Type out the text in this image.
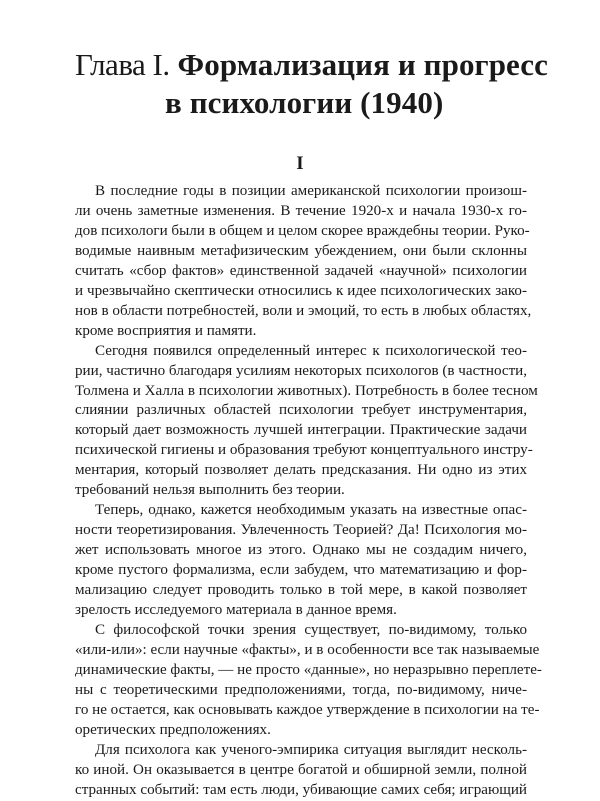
Глава I. Формализация и прогресс
в психологии (1940)
I

В последние годы в позиции американской психологии произош-
ли очень заметные изменения. В течение 1920-х и начала 1930-х го-
дов психологи были в общем и целом скорее враждебны теории. Руко-
водимые наивным метафизическим убеждением, они были склонны
считать «сбор фактов» единственной задачей «научной» психологии
и чрезвычайно скептически относились к идее психологических зако-
нов в области потребностей, воли и эмоций, то есть в любых областях,
кроме восприятия и памяти.

Сегодня появился определенный интерес к психологической тео-
рии, частично благодаря усилиям некоторых психологов (в частности,
Толмена и Халла в психологии животных). Потребность в более тесном
слиянии различных областей психологии требует инструментария,
который дает возможность лучшей интеграции. Практические задачи
психической гигиены и образования требуют концептуального инстру-
ментария, который позволяет делать предсказания. Ни одно из этих
требований нельзя выполнить без теории.

Теперь, однако, кажется необходимым указать на известные опас-
ности теоретизирования. Увлеченность Теорией? Да! Психология мо-
жет использовать многое из этого. Однако мы не создадим ничего,
кроме пустого формализма, если забудем, что математизацию и фор-
мализацию следует проводить только в той мере, в какой позволяет
зрелость исследуемого материала в данное время.

С философской точки зрения существует, по-видимому, только
«или-или»: если научные «факты», и в особенности все так называемые
динамические факты, — не просто «данные», но неразрывно переплете-
ны с теоретическими предположениями, тогда, по-видимому, ниче-
го не остается, как основывать каждое утверждение в психологии на те-
оретических предположениях.

Для психолога как ученого-эмпирика ситуация выглядит несколь-
ко иной. Он оказывается в центре богатой и обширной земли, полной
странных событий: там есть люди, убивающие самих себя; играющий
